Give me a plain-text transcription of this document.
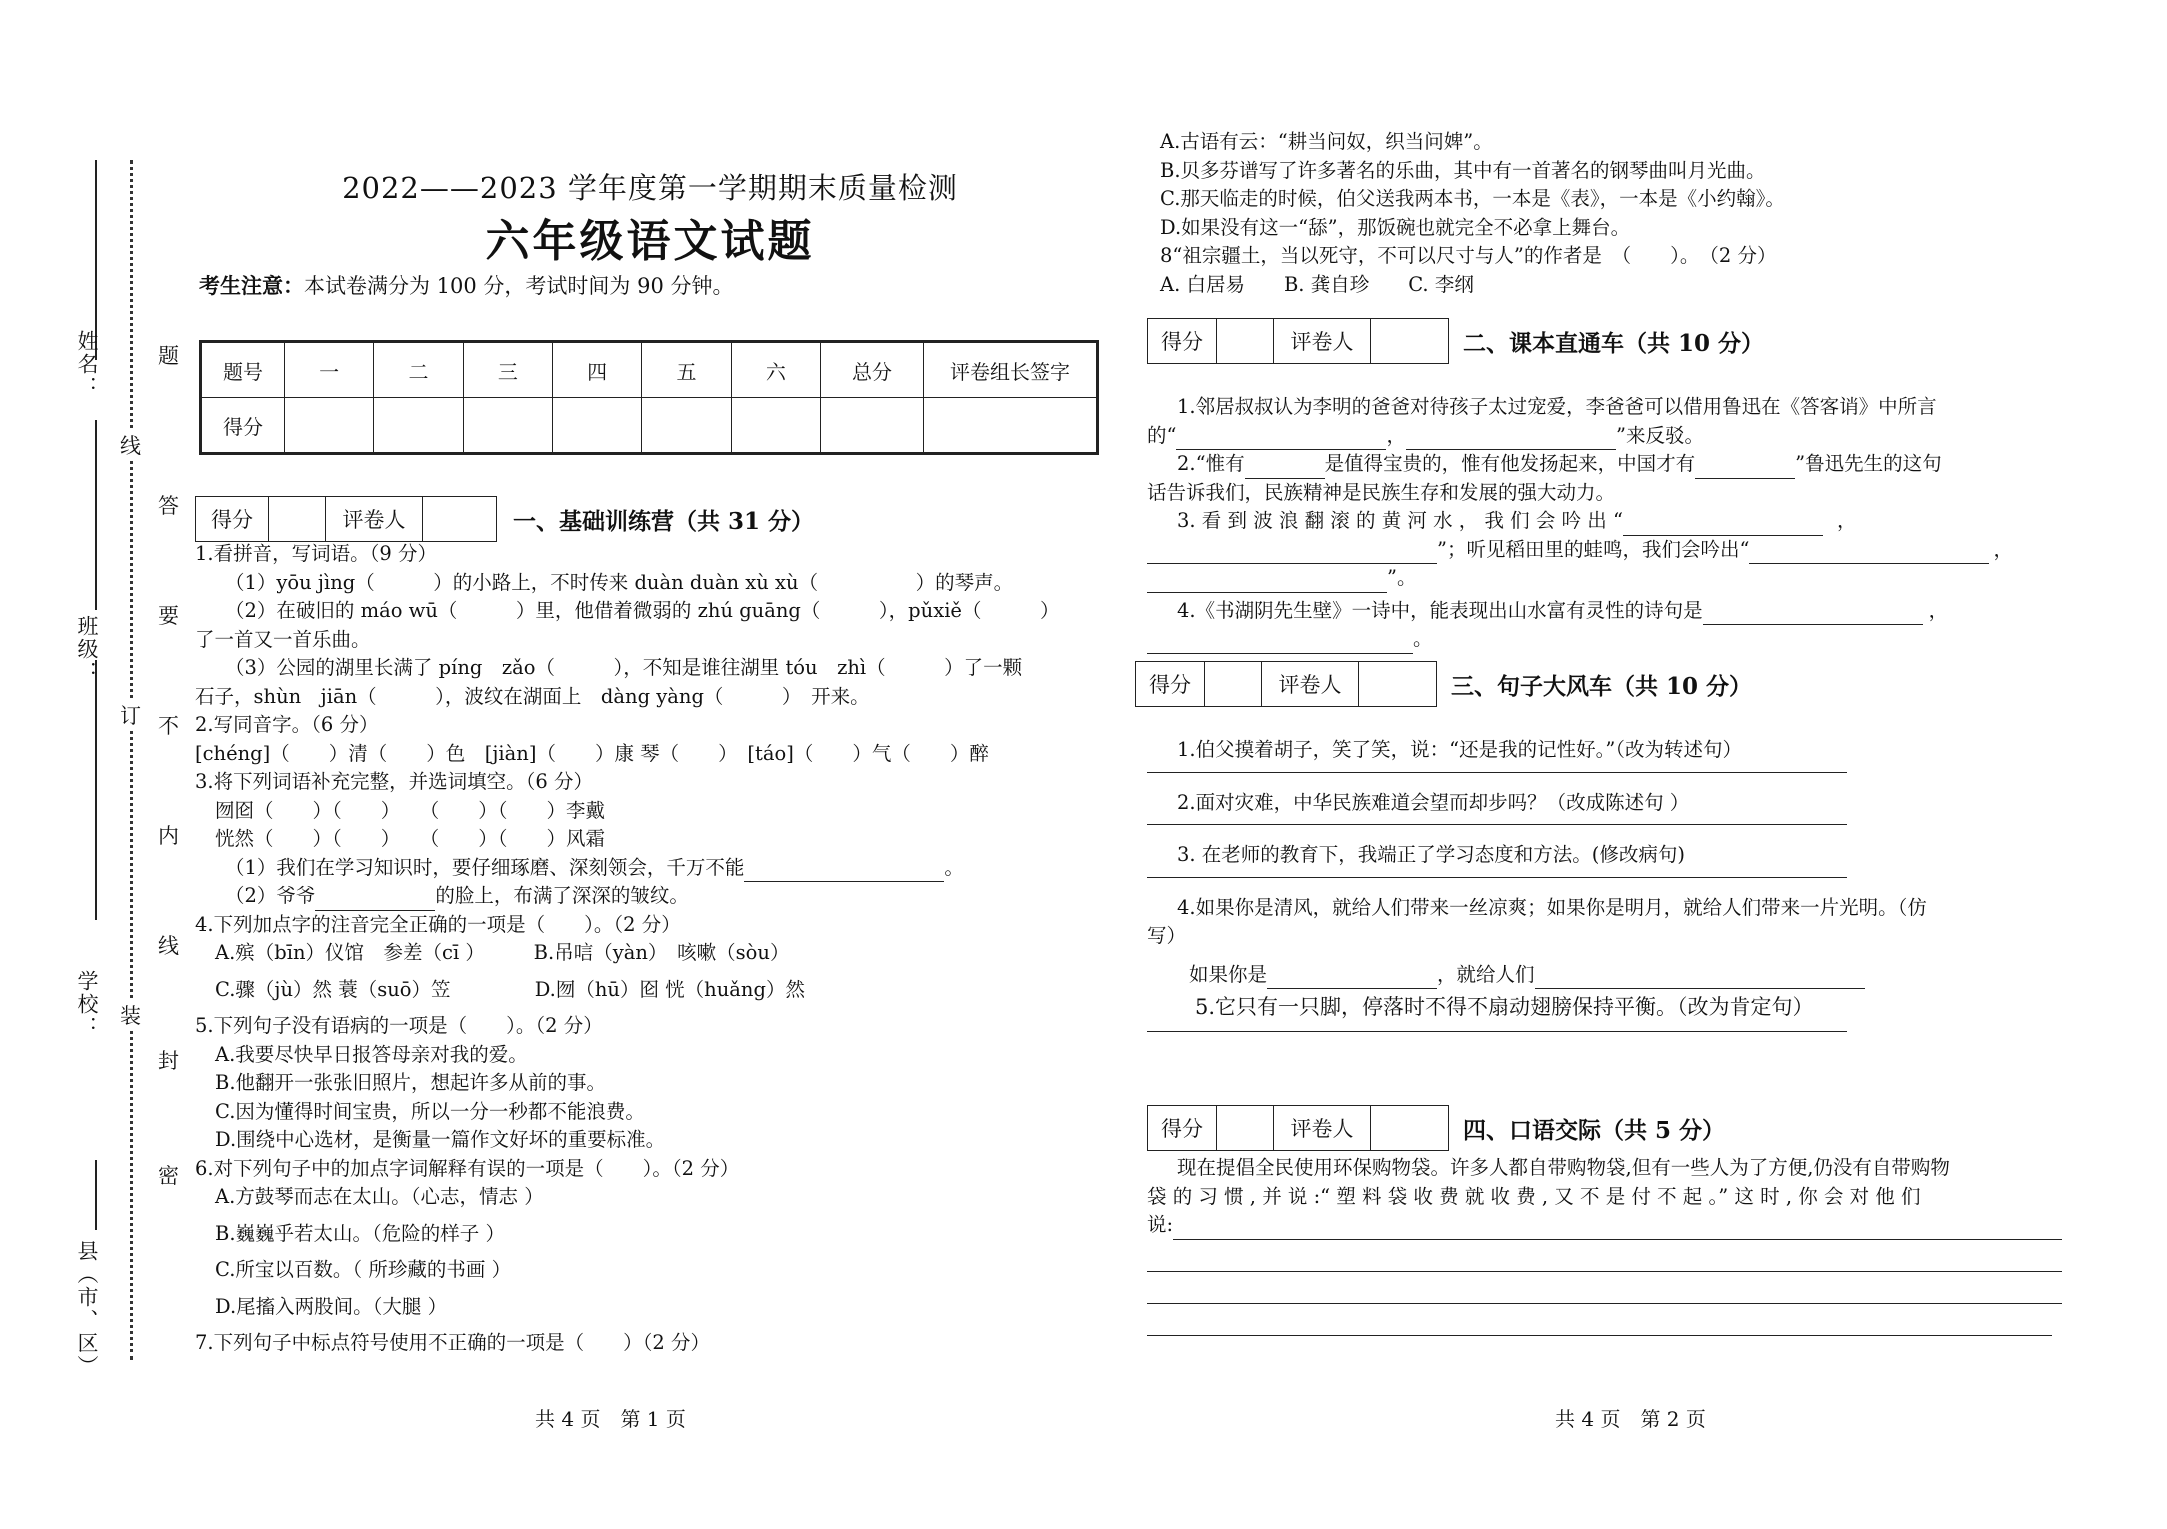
姓名：
班级：
学校：
县（市、区）
线
订
装
题
答
要
不
内
线
封
密
2022——2023 学年度第一学期期末质量检测
六年级语文试题
考生注意：本试卷满分为 100 分，考试时间为 90 分钟。
题号	一	二	三	四	五	六	总分	评卷组长签字
得分								
得分	评卷人	一、基础训练营（共 31 分）
1.看拼音，写词语。（9 分）
（1）yōu jìng（　　　）的小路上，不时传来 duàn duàn xù xù（　　　　　）的琴声。
（2）在破旧的 máo wū（　　　）里，他借着微弱的 zhú guāng（　　　），pǔxiě（　　　）
了一首又一首乐曲。
（3）公园的湖里长满了 píng　zǎo（　　　），不知是谁往湖里 tóu　zhì（　　　）了一颗
石子，shùn　jiān（　　　），波纹在湖面上　dàng yàng（　　　）　开来。
2.写同音字。（6 分）
[chéng]（　　）清（　　）色　[jiàn]（　　）康 琴（　　）　[táo]（　　）气（　　）醉
3.将下列词语补充完整，并选词填空。（6 分）
囫囵（　　）（　　）　　（　　）（　　）李戴
恍然（　　）（　　）　　（　　）（　　）风霜
（1）我们在学习知识时，要仔细琢磨、深刻领会，千万不能	。
（2）爷爷	的脸上，布满了深深的皱纹。
4.下列加点字的注音完全正确的一项是（　　）。（2 分）
A.殡（bīn）仪馆　参差（cī ）　　　B.吊唁（yàn）　咳嗽（sòu）
C.骤（jù）然 蓑（suō）笠　　　　 D.囫（hū）囵 恍（huǎng）然
5.下列句子没有语病的一项是（　　）。（2 分）
A.我要尽快早日报答母亲对我的爱。
B.他翻开一张张旧照片，想起许多从前的事。
C.因为懂得时间宝贵，所以一分一秒都不能浪费。
D.围绕中心选材，是衡量一篇作文好坏的重要标准。
6.对下列句子中的加点字词解释有误的一项是（　　）。（2 分）
A.方鼓琴而志在太山。（心志，情志 ）
B.巍巍乎若太山。（危险的样子 ）
C.所宝以百数。（ 所珍藏的书画 ）
D.尾搐入两股间。（大腿 ）
7.下列句子中标点符号使用不正确的一项是（　　）（2 分）
A.古语有云：“耕当问奴，织当问婢”。
B.贝多芬谱写了许多著名的乐曲，其中有一首著名的钢琴曲叫月光曲。
C.那天临走的时候，伯父送我两本书，一本是《表》，一本是《小约翰》。
D.如果没有这一“舔”，那饭碗也就完全不必拿上舞台。
8“祖宗疆土，当以死守，不可以尺寸与人”的作者是　（　　）。　（2 分）
A. 白居易　　B. 龚自珍　　C. 李纲
得分	评卷人	二、课本直通车（共 10 分）
1.邻居叔叔认为李明的爸爸对待孩子太过宠爱，李爸爸可以借用鲁迅在《答客诮》中所言
的“	，	”来反驳。
2.“惟有	是值得宝贵的，惟有他发扬起来，中国才有	”鲁迅先生的这句
话告诉我们，民族精神是民族生存和发展的强大动力。
3. 看 到 波 浪 翻 滚 的 黄 河 水 ， 我 们 会 吟 出 “	，
”；听见稻田里的蛙鸣，我们会吟出“	，
”。
4.《书湖阴先生壁》一诗中，能表现出山水富有灵性的诗句是	，
。
得分	评卷人	三、句子大风车（共 10 分）
1.伯父摸着胡子，笑了笑，说：“还是我的记性好。”（改为转述句）
2.面对灾难，中华民族难道会望而却步吗？（改成陈述句 ）
3. 在老师的教育下，我端正了学习态度和方法。(修改病句)
4.如果你是清风，就给人们带来一丝凉爽；如果你是明月，就给人们带来一片光明。（仿
写）
如果你是	，就给人们
5.它只有一只脚，停落时不得不扇动翅膀保持平衡。（改为肯定句）
得分	评卷人	四、口语交际（共 5 分）
现在提倡全民使用环保购物袋。许多人都自带购物袋,但有一些人为了方便,仍没有自带购物
袋 的 习 惯 , 并 说 :“ 塑 料 袋 收 费 就 收 费 , 又 不 是 付 不 起 。” 这 时 , 你 会 对 他 们
说:
共 4 页　第 1 页	共 4 页　第 2 页
